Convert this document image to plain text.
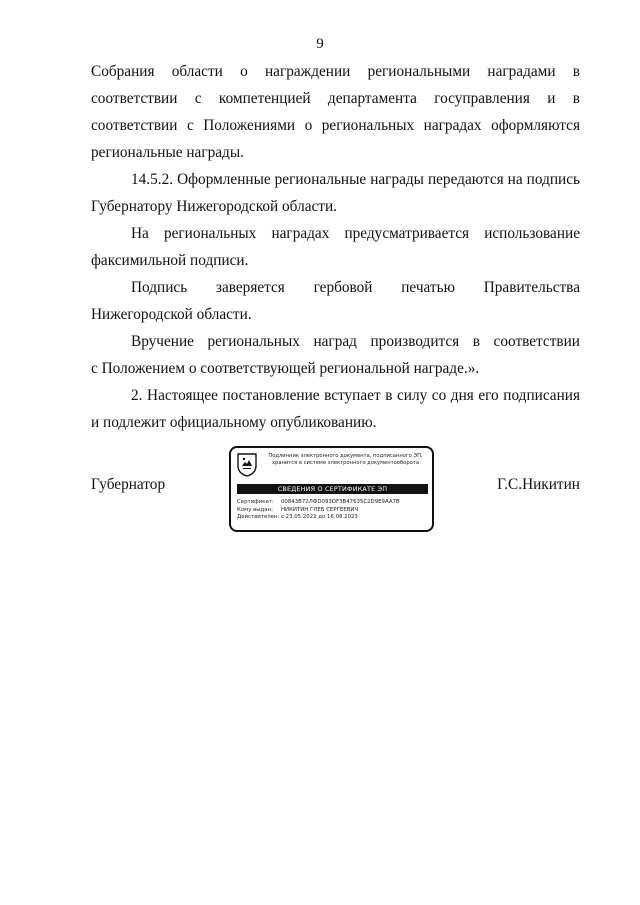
9
Собрания области о награждении региональными наградами в
соответствии с компетенцией департамента госуправления и в
соответствии с Положениями о региональных наградах оформляются
региональные награды.
14.5.2. Оформленные региональные награды передаются на подпись
Губернатору Нижегородской области.
На региональных наградах предусматривается использование
факсимильной подписи.
Подпись заверяется гербовой печатью Правительства
Нижегородской области.
Вручение региональных наград производится в соответствии
с Положением о соответствующей региональной награде.».
2. Настоящее постановление вступает в силу со дня его подписания
и подлежит официальному опубликованию.
Губернатор
Подлинник электронного документа, подписанного ЭП,
хранится в системе электронного документооборота
СВЕДЕНИЯ О СЕРТИФИКАТЕ ЭП
Сертификат: 00843B72ЛФD093DF3B47635C2D9E9AA7B
Кому выдан: НИКИТИН ГЛЕБ СЕРГЕЕВИЧ
Действителен: с 23.05.2022 до 16.08.2023
Г.С.Никитин
